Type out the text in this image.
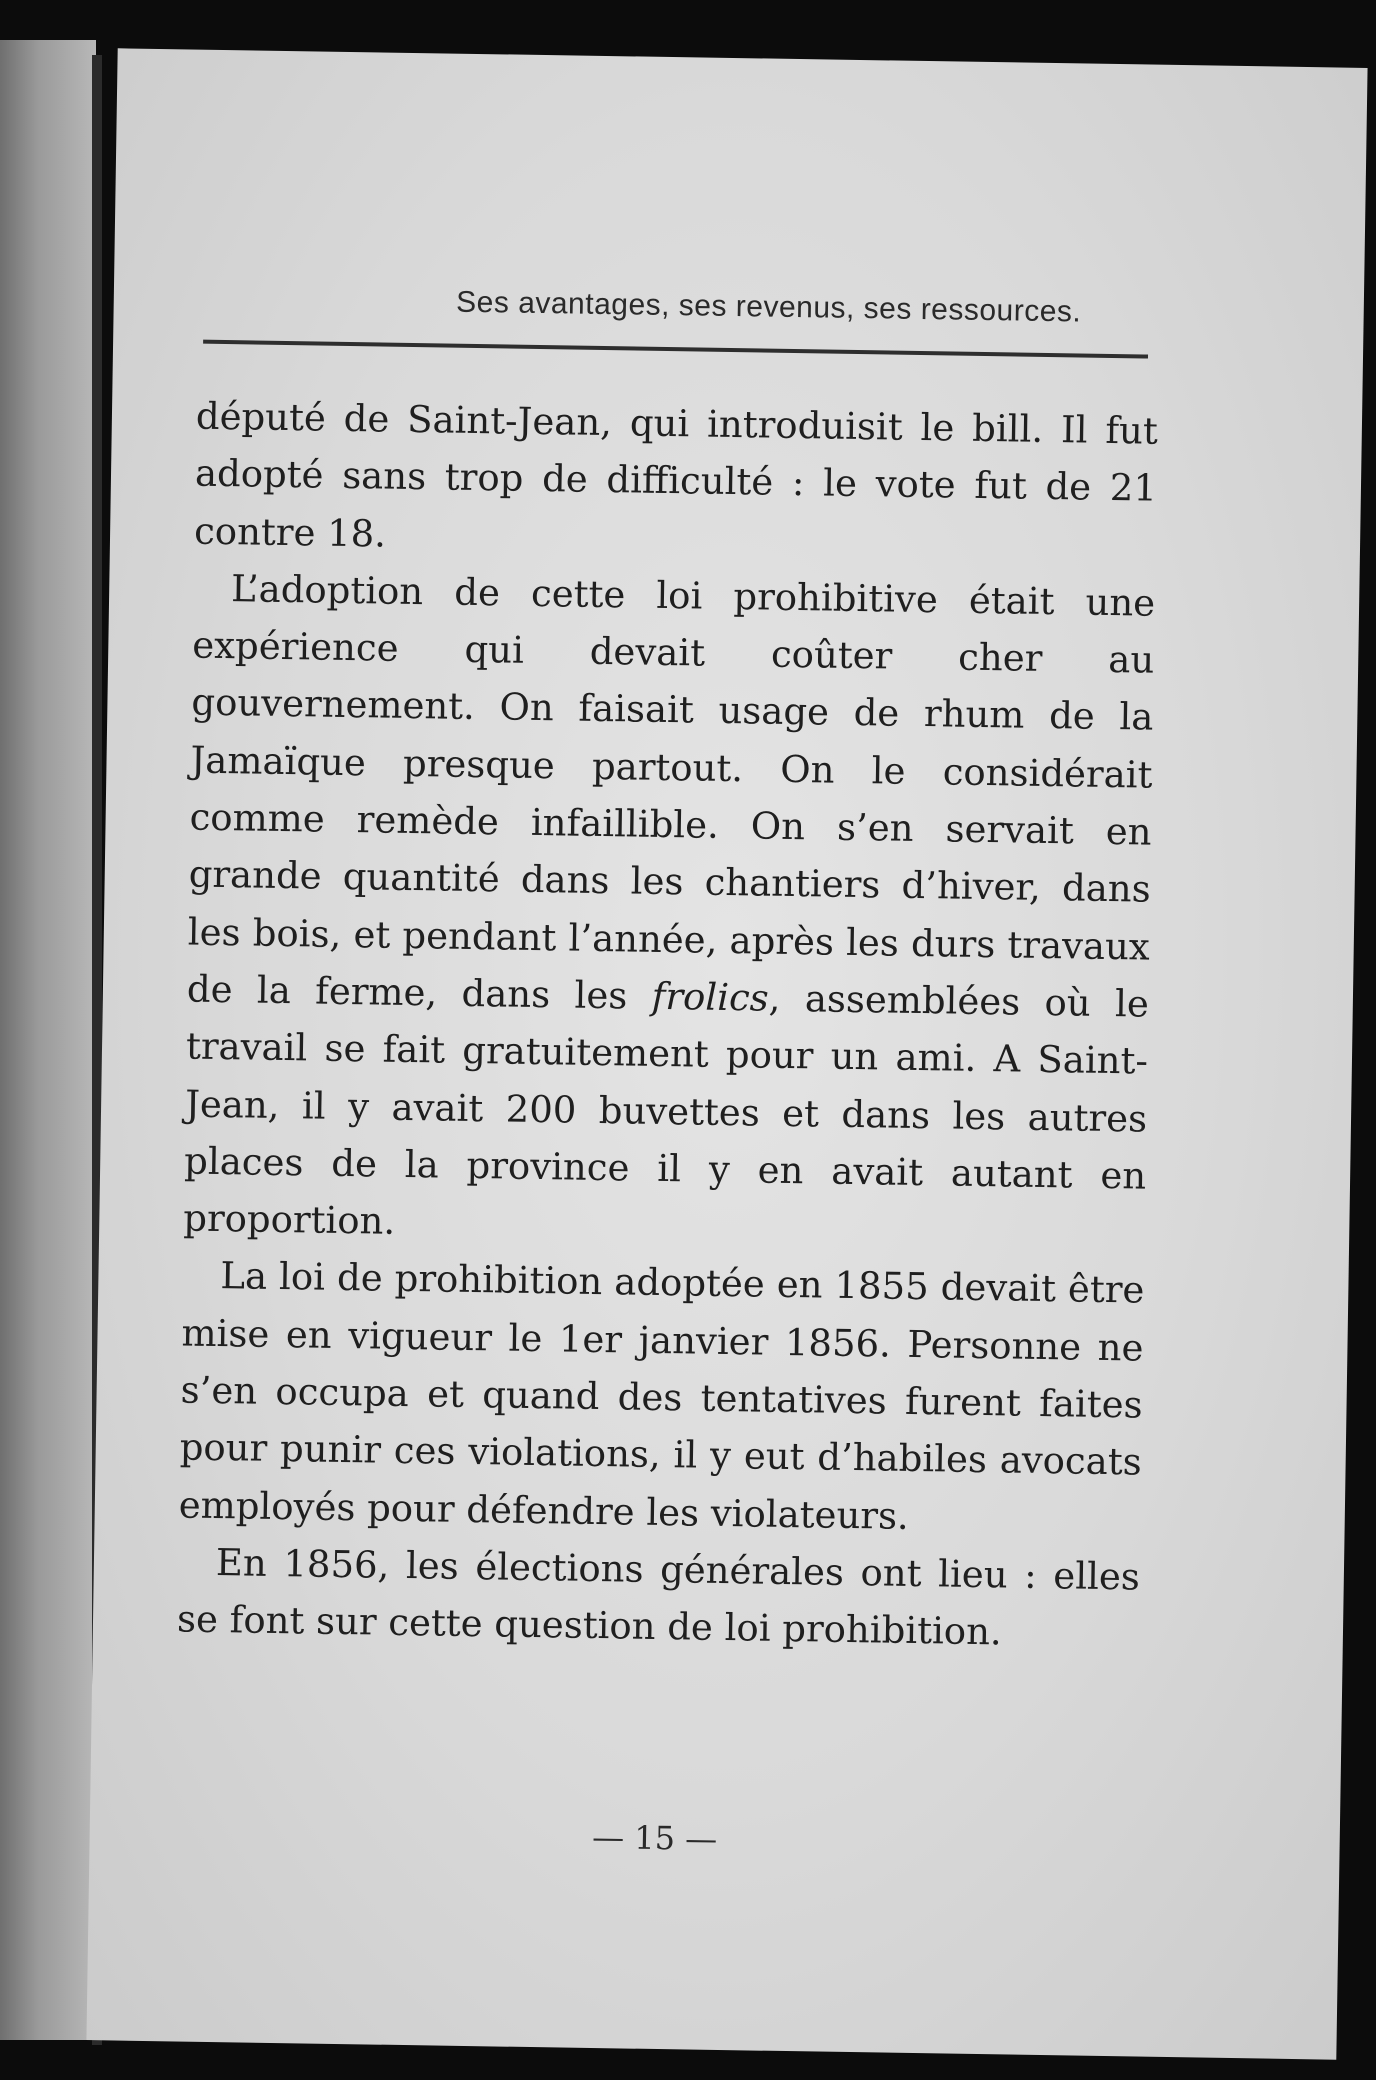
Ses avantages, ses revenus, ses ressources.

député de Saint-Jean, qui introduisit le bill. Il fut adopté sans trop de difficulté : le vote fut de 21 contre 18.

L’adoption de cette loi prohibitive était une expérience qui devait coûter cher au gouvernement. On faisait usage de rhum de la Jamaïque presque partout. On le considérait comme remède infaillible. On s’en servait en grande quantité dans les chantiers d’hiver, dans les bois, et pendant l’année, après les durs travaux de la ferme, dans les frolics, assemblées où le travail se fait gratuitement pour un ami. A Saint-Jean, il y avait 200 buvettes et dans les autres places de la province il y en avait autant en proportion.

La loi de prohibition adoptée en 1855 devait être mise en vigueur le 1er janvier 1856. Personne ne s’en occupa et quand des tentatives furent faites pour punir ces violations, il y eut d’habiles avocats employés pour défendre les violateurs.

En 1856, les élections générales ont lieu : elles se font sur cette question de loi prohibition.

— 15 —
